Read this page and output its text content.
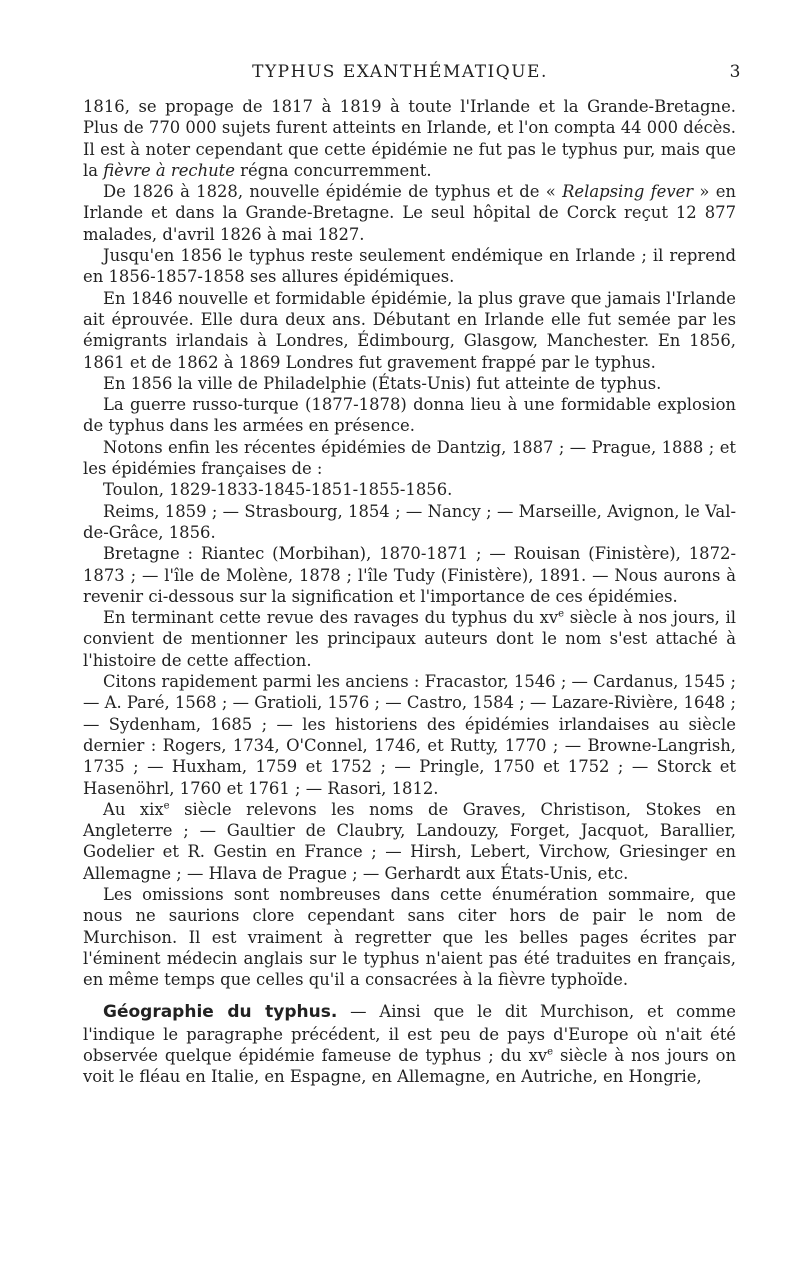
TYPHUS EXANTHÉMATIQUE.	3

1816, se propage de 1817 à 1819 à toute l'Irlande et la Grande-Bretagne. Plus de 770 000 sujets furent atteints en Irlande, et l'on compta 44 000 décès. Il est à noter cependant que cette épidémie ne fut pas le typhus pur, mais que la fièvre à rechute régna concurremment.

De 1826 à 1828, nouvelle épidémie de typhus et de « Relapsing fever » en Irlande et dans la Grande-Bretagne. Le seul hôpital de Corck reçut 12 877 malades, d'avril 1826 à mai 1827.

Jusqu'en 1856 le typhus reste seulement endémique en Irlande ; il reprend en 1856-1857-1858 ses allures épidémiques.

En 1846 nouvelle et formidable épidémie, la plus grave que jamais l'Irlande ait éprouvée. Elle dura deux ans. Débutant en Irlande elle fut semée par les émigrants irlandais à Londres, Édimbourg, Glasgow, Manchester. En 1856, 1861 et de 1862 à 1869 Londres fut gravement frappé par le typhus.

En 1856 la ville de Philadelphie (États-Unis) fut atteinte de typhus.

La guerre russo-turque (1877-1878) donna lieu à une formidable explosion de typhus dans les armées en présence.

Notons enfin les récentes épidémies de Dantzig, 1887 ; — Prague, 1888 ; et les épidémies françaises de :

Toulon, 1829-1833-1845-1851-1855-1856.

Reims, 1859 ; — Strasbourg, 1854 ; — Nancy ; — Marseille, Avignon, le Val-de-Grâce, 1856.

Bretagne : Riantec (Morbihan), 1870-1871 ; — Rouisan (Finistère), 1872-1873 ; — l'île de Molène, 1878 ; l'île Tudy (Finistère), 1891. — Nous aurons à revenir ci-dessous sur la signification et l'importance de ces épidémies.

En terminant cette revue des ravages du typhus du $xv^e$ siècle à nos jours, il convient de mentionner les principaux auteurs dont le nom s'est attaché à l'histoire de cette affection.

Citons rapidement parmi les anciens : Fracastor, 1546 ; — Cardanus, 1545 ; — A. Paré, 1568 ; — Gratioli, 1576 ; — Castro, 1584 ; — Lazare-Rivière, 1648 ; — Sydenham, 1685 ; — les historiens des épidémies irlandaises au siècle dernier : Rogers, 1734, O'Connel, 1746, et Rutty, 1770 ; — Browne-Langrish, 1735 ; — Huxham, 1759 et 1752 ; — Pringle, 1750 et 1752 ; — Storck et Hasenöhrl, 1760 et 1761 ; — Rasori, 1812.

Au xix$^e$ siècle relevons les noms de Graves, Christison, Stokes en Angleterre ; — Gaultier de Claubry, Landouzy, Forget, Jacquot, Barallier, Godelier et R. Gestin en France ; — Hirsh, Lebert, Virchow, Griesinger en Allemagne ; — Hlava de Prague ; — Gerhardt aux États-Unis, etc.

Les omissions sont nombreuses dans cette énumération sommaire, que nous ne saurions clore cependant sans citer hors de pair le nom de Murchison. Il est vraiment à regretter que les belles pages écrites par l'éminent médecin anglais sur le typhus n'aient pas été traduites en français, en même temps que celles qu'il a consacrées à la fièvre typhoïde.

Géographie du typhus. — Ainsi que le dit Murchison, et comme l'indique le paragraphe précédent, il est peu de pays d'Europe où n'ait été observée quelque épidémie fameuse de typhus ; du $xv^e$ siècle à nos jours on voit le fléau en Italie, en Espagne, en Allemagne, en Autriche, en Hongrie,
